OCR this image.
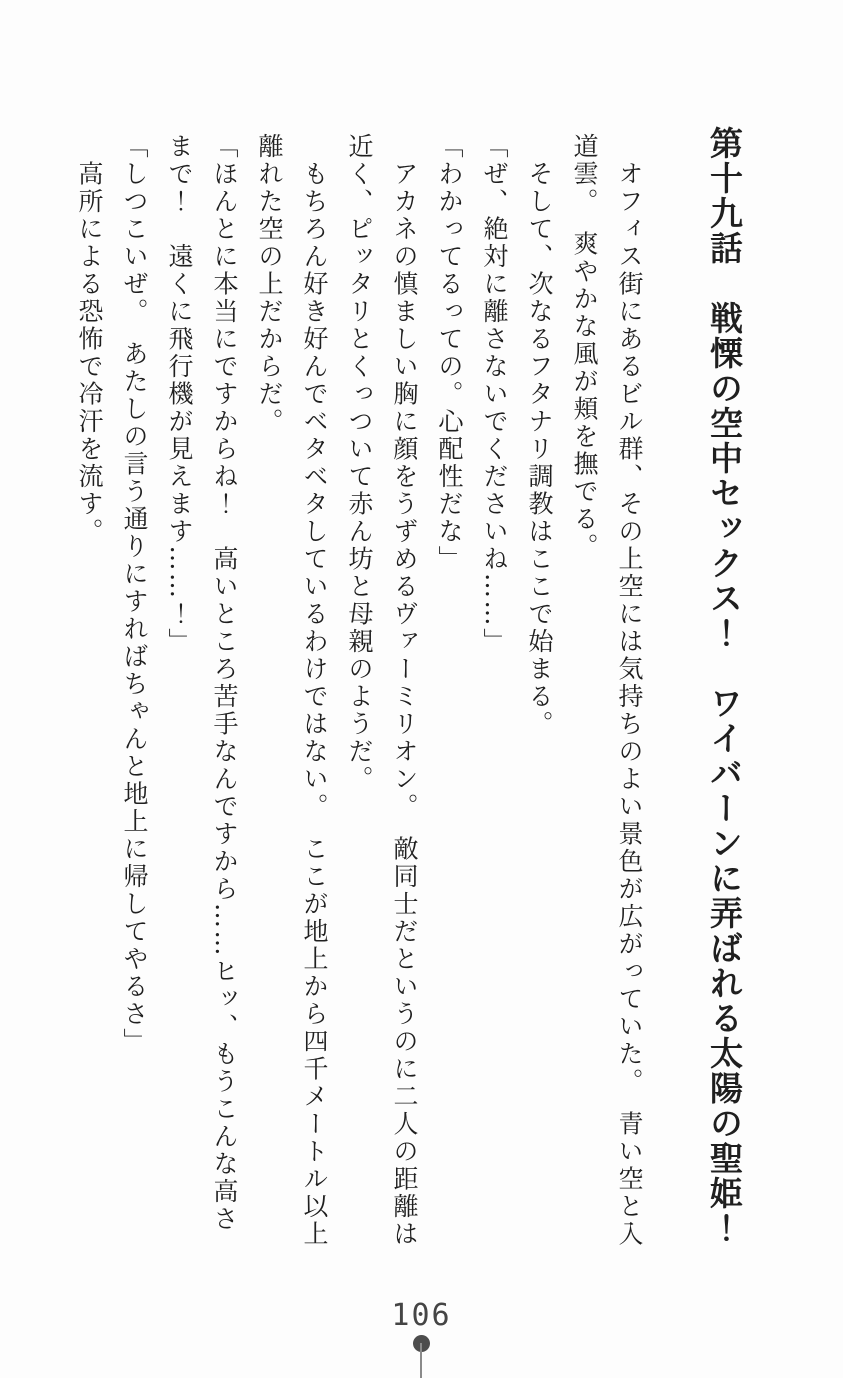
第十九話　戦慄の空中セックス！　ワイバーンに弄ばれる太陽の聖姫！

　オフィス街にあるビル群、その上空には気持ちのよい景色が広がっていた。　青い空と入

道雲。　爽やかな風が頬を撫でる。

　そして、次なるフタナリ調教はここで始まる。

「ぜ、絶対に離さないでくださいね……」

「わかってるっての。心配性だな」

　アカネの慎ましい胸に顔をうずめるヴァーミリオン。　敵同士だというのに二人の距離は

近く、ピッタリとくっついて赤ん坊と母親のようだ。

　もちろん好き好んでベタベタしているわけではない。　ここが地上から四千メートル以上

離れた空の上だからだ。

「ほんとに本当にですからね！　高いところ苦手なんですから……ヒッ、もうこんな高さ

まで！　遠くに飛行機が見えます……！」

「しつこいぜ。　あたしの言う通りにすればちゃんと地上に帰してやるさ」

　高所による恐怖で冷汗を流す。

106
